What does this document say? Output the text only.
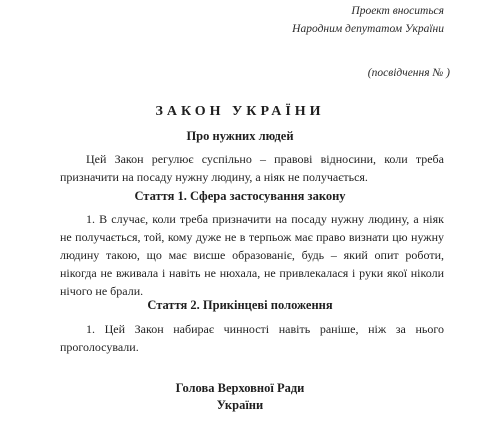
Проект вноситься
Народним депутатом України
(посвідчення № )
ЗАКОН УКРАЇНИ
Про нужних людей
Цей Закон регулює суспільно – правові відносини, коли треба призначити на посаду нужну людину, а ніяк не получається.
Стаття 1. Сфера застосування закону
1. В случає, коли треба призначити на посаду нужну людину, а ніяк не получається, той, кому дуже не в терпьож має право визнати цю нужну людину такою, що має висше образованіє, будь – який опит роботи, нікогда не вживала і навіть не нюхала, не привлекалася і руки якої ніколи нічого не брали.
Стаття 2. Прикінцеві положення
1. Цей Закон набирає чинності навіть раніше, ніж за нього проголосували.
Голова Верховної Ради
України
